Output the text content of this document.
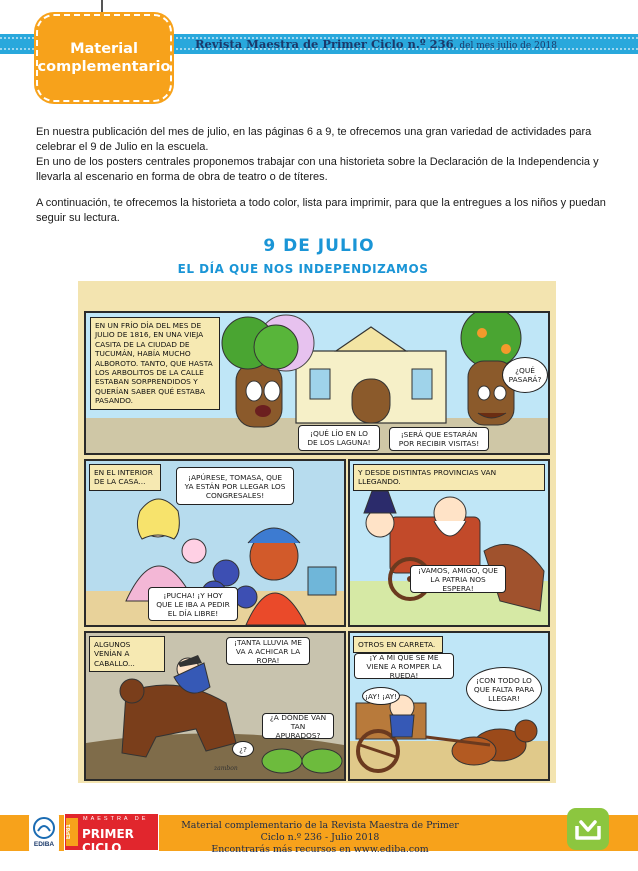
Material
complementario
Revista Maestra de Primer Ciclo n.º 236, del mes julio de 2018

En nuestra publicación del mes de julio, en las páginas 6 a 9, te ofrecemos una gran variedad de actividades para celebrar el 9 de Julio en la escuela.

En uno de los posters centrales proponemos trabajar con una historieta sobre la Declaración de la Independencia y llevarla al escenario en forma de obra de teatro o de títeres.

A continuación, te ofrecemos la historieta a todo color, lista para imprimir, para que la entregues a los niños y puedan seguir su lectura.

9 DE JULIO
EL DÍA QUE NOS INDEPENDIZAMOS
EN UN FRÍO DÍA DEL MES DE JULIO DE 1816, EN UNA VIEJA CASITA DE LA CIUDAD DE TUCUMÁN, HABÍA MUCHO ALBOROTO. TANTO, QUE HASTA LOS ARBOLITOS DE LA CALLE ESTABAN SORPRENDIDOS Y QUERÍAN SABER QUÉ ESTABA PASANDO.
¿QUÉ PASARÁ?
¡QUÉ LÍO EN LO DE LOS LAGUNA!
¡SERÁ QUE ESTARÁN POR RECIBIR VISITAS!
EN EL INTERIOR DE LA CASA...
¡APÚRESE, TOMASA, QUE YA ESTÁN POR LLEGAR LOS CONGRESALES!
¡PUCHA! ¡Y HOY QUE LE IBA A PEDIR EL DÍA LIBRE!
Y DESDE DISTINTAS PROVINCIAS VAN LLEGANDO.
¡VAMOS, AMIGO, QUE LA PATRIA NOS ESPERA!
ALGUNOS VENÍAN A CABALLO...
¡TANTA LLUVIA ME VA A ACHICAR LA ROPA!
¿A DÓNDE VAN TAN APURADOS?
¿?
zambon
OTROS EN CARRETA.
¡Y A MÍ QUE SE ME VIENE A ROMPER LA RUEDA!
¡AY! ¡AY!
¡CON TODO LO QUE FALTA PARA LLEGAR!
EDIBA
EP81
MAESTRA DE
PRIMER CICLO
Material complementario de la Revista Maestra de Primer Ciclo n.º 236 - Julio 2018
Encontrarás más recursos en www.ediba.com
